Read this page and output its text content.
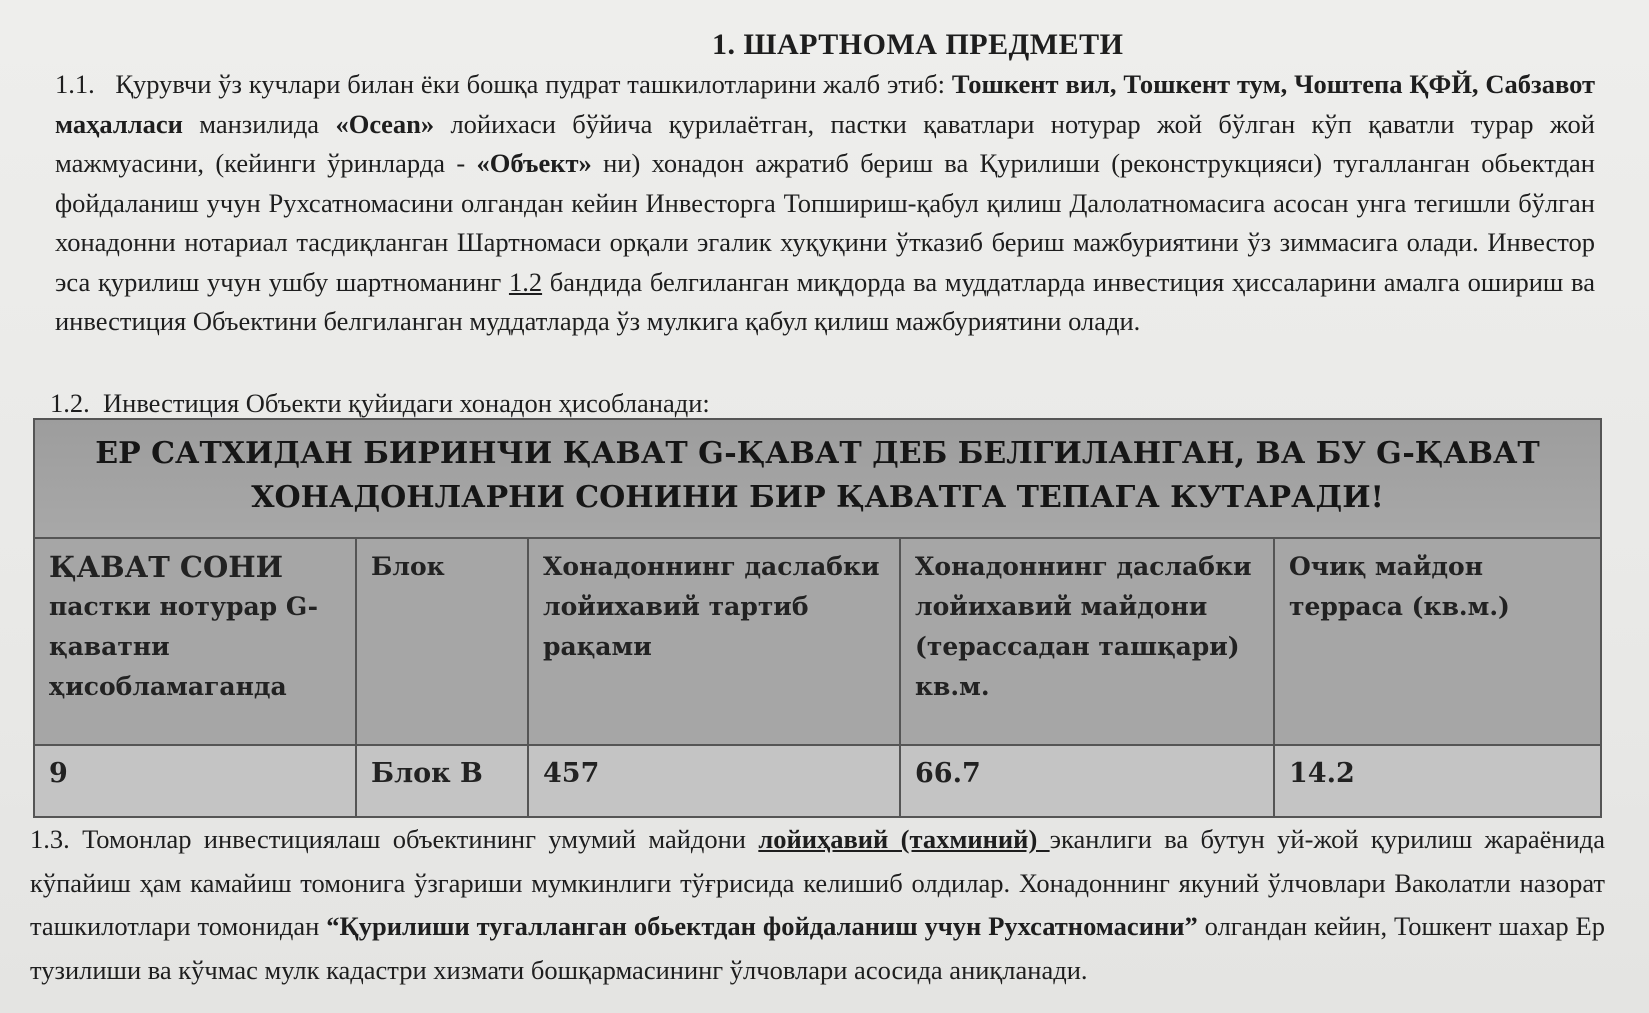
1. ШАРТНОМА ПРЕДМЕТИ
1.1. Қурувчи ўз кучлари билан ёки бошқа пудрат ташкилотларини жалб этиб: Тошкент вил, Тошкент тум, Чоштепа ҚФЙ, Сабзавот маҳалласи манзилида «Ocean» лойихаси бўйича қурилаётган, пастки қаватлари нотурар жой бўлган кўп қаватли турар жой мажмуасини, (кейинги ўринларда - «Объект» ни) хонадон ажратиб бериш ва Қурилиши (реконструкцияси) тугалланган обьектдан фойдаланиш учун Рухсатномасини олгандан кейин Инвесторга Топшириш-қабул қилиш Далолатномасига асосан унга тегишли бўлган хонадонни нотариал тасдиқланган Шартномаси орқали эгалик хуқуқини ўтказиб бериш мажбуриятини ўз зиммасига олади. Инвестор эса қурилиш учун ушбу шартноманинг 1.2 бандида белгиланган миқдорда ва муддатларда инвестиция ҳиссаларини амалга ошириш ва инвестиция Объектини белгиланган муддатларда ўз мулкига қабул қилиш мажбуриятини олади.
1.2. Инвестиция Объекти қуйидаги хонадон ҳисобланади:
ЕР САТХИДАН БИРИНЧИ ҚАВАТ G-ҚАВАТ ДЕБ БЕЛГИЛАНГАН, ВА БУ G-ҚАВАТ ХОНАДОНЛАРНИ СОНИНИ БИР ҚАВАТГА ТЕПАГА КУТАРАДИ!				

ҚАВАТ СОНИ
пастки нотурар G-қаватни ҳисобламаганда	Блок	Хонадоннинг даслабки лойихавий тартиб рақами	Хонадоннинг даслабки лойихавий майдони (терассадан ташқари) кв.м.	Очиқ майдон терраса (кв.м.)
9	Блок В	457	66.7	14.2
1.3. Томонлар инвестициялаш объектининг умумий майдони лойиҳавий (тахминий) эканлиги ва бутун уй-жой қурилиш жараёнида кўпайиш ҳам камайиш томонига ўзгариши мумкинлиги тўғрисида келишиб олдилар. Хонадоннинг якуний ўлчовлари Ваколатли назорат ташкилотлари томонидан “Қурилиши тугалланган обьектдан фойдаланиш учун Рухсатномасини” олгандан кейин, Тошкент шахар Ер тузилиши ва кўчмас мулк кадастри хизмати бошқармасининг ўлчовлари асосида аниқланади.
